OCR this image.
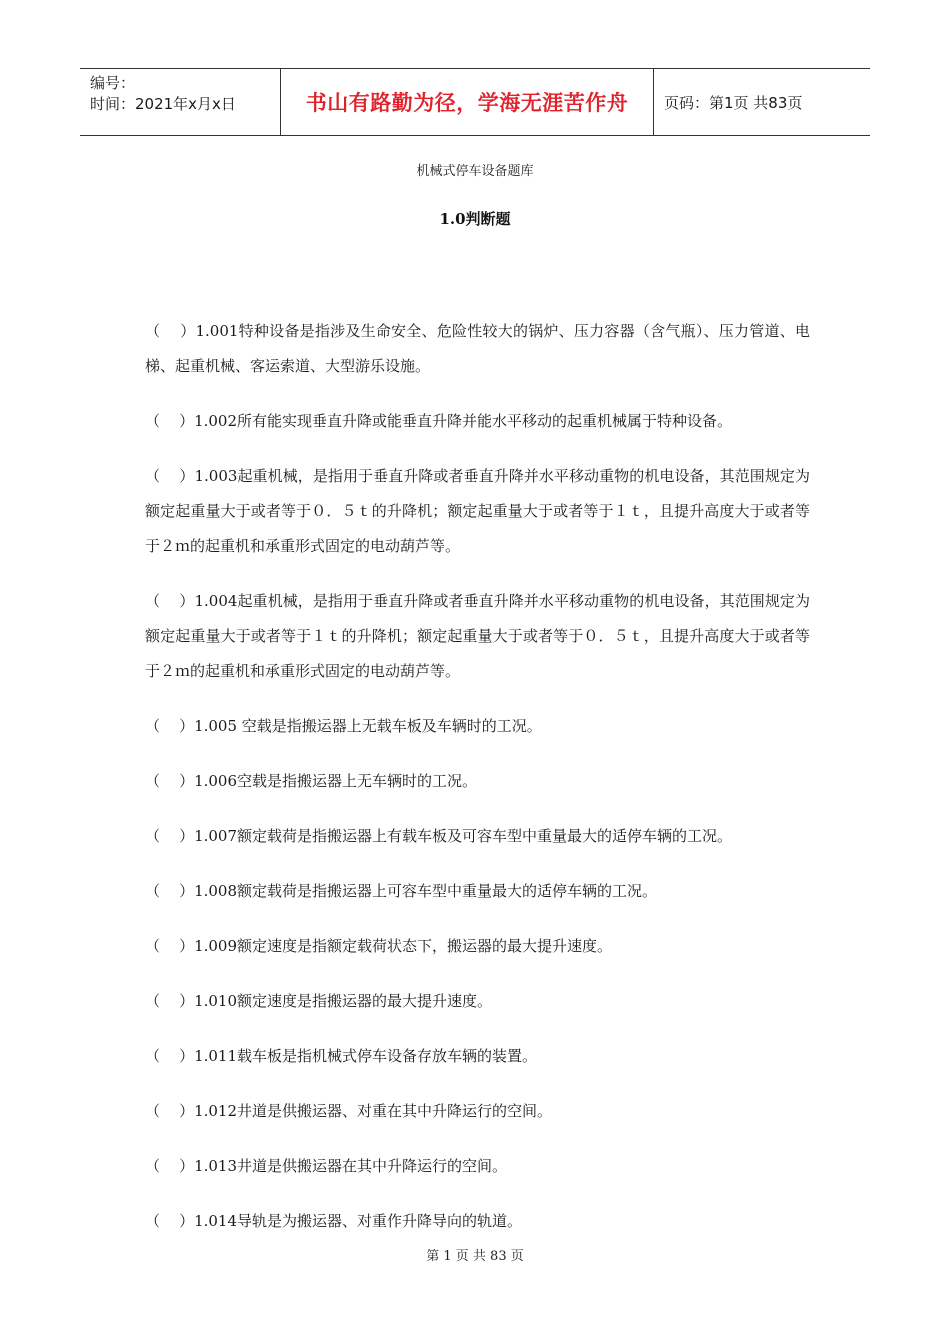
编号：
时间：2021年x月x日	书山有路勤为径，学海无涯苦作舟	页码：第1页 共83页
机械式停车设备题库
1.0判断题

（    ）1.001特种设备是指涉及生命安全、危险性较大的锅炉、压力容器（含气瓶）、压力管道、电梯、起重机械、客运索道、大型游乐设施。

（    ）1.002所有能实现垂直升降或能垂直升降并能水平移动的起重机械属于特种设备。

（    ）1.003起重机械，是指用于垂直升降或者垂直升降并水平移动重物的机电设备，其范围规定为额定起重量大于或者等于０．５ｔ的升降机；额定起重量大于或者等于１ｔ，且提升高度大于或者等于２ｍ的起重机和承重形式固定的电动葫芦等。

（    ）1.004起重机械，是指用于垂直升降或者垂直升降并水平移动重物的机电设备，其范围规定为额定起重量大于或者等于１ｔ的升降机；额定起重量大于或者等于０．５ｔ，且提升高度大于或者等于２ｍ的起重机和承重形式固定的电动葫芦等。

（    ）1.005 空载是指搬运器上无载车板及车辆时的工况。

（    ）1.006空载是指搬运器上无车辆时的工况。

（    ）1.007额定载荷是指搬运器上有载车板及可容车型中重量最大的适停车辆的工况。

（    ）1.008额定载荷是指搬运器上可容车型中重量最大的适停车辆的工况。

（    ）1.009额定速度是指额定载荷状态下，搬运器的最大提升速度。

（    ）1.010额定速度是指搬运器的最大提升速度。

（    ）1.011载车板是指机械式停车设备存放车辆的装置。

（    ）1.012井道是供搬运器、对重在其中升降运行的空间。

（    ）1.013井道是供搬运器在其中升降运行的空间。

（    ）1.014导轨是为搬运器、对重作升降导向的轨道。

第 1 页 共 83 页
